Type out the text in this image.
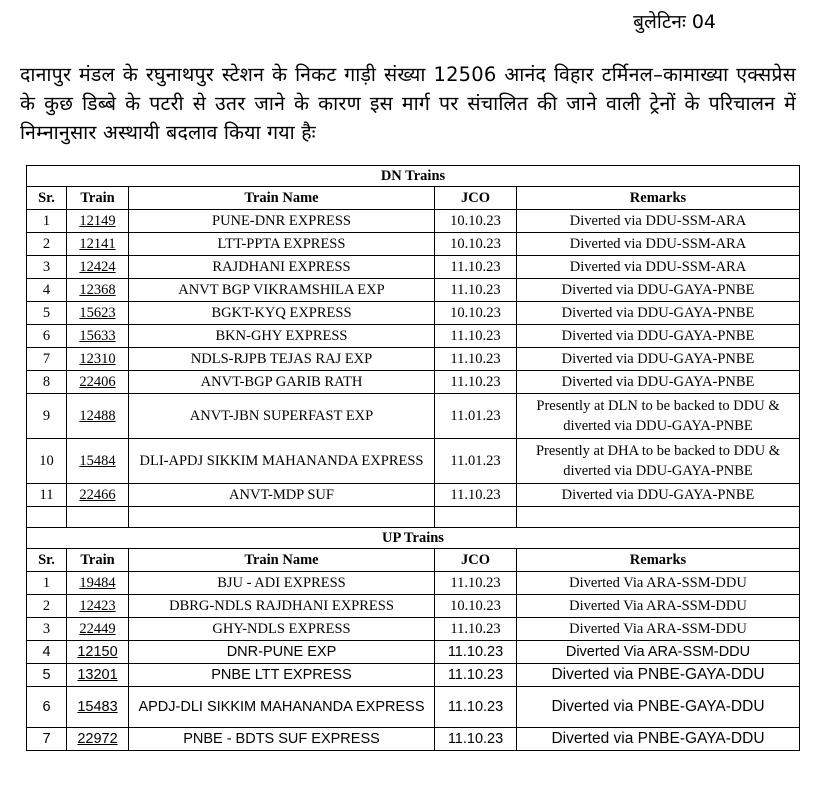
बुलेटिनः 04
दानापुर मंडल के रघुनाथपुर स्टेशन के निकट गाड़ी संख्या 12506 आनंद विहार टर्मिनल–कामाख्या एक्सप्रेस के कुछ डिब्बे के पटरी से उतर जाने के कारण इस मार्ग पर संचालित की जाने वाली ट्रेनों के परिचालन में निम्नानुसार अस्थायी बदलाव किया गया हैः
DN Trains				
Sr.	Train	Train Name	JCO	Remarks
1	12149	PUNE-DNR EXPRESS	10.10.23	Diverted via DDU-SSM-ARA
2	12141	LTT-PPTA EXPRESS	10.10.23	Diverted via DDU-SSM-ARA
3	12424	RAJDHANI EXPRESS	11.10.23	Diverted via DDU-SSM-ARA
4	12368	ANVT BGP VIKRAMSHILA EXP	11.10.23	Diverted via DDU-GAYA-PNBE
5	15623	BGKT-KYQ EXPRESS	10.10.23	Diverted via DDU-GAYA-PNBE
6	15633	BKN-GHY EXPRESS	11.10.23	Diverted via DDU-GAYA-PNBE
7	12310	NDLS-RJPB TEJAS RAJ EXP	11.10.23	Diverted via DDU-GAYA-PNBE
8	22406	ANVT-BGP GARIB RATH	11.10.23	Diverted via DDU-GAYA-PNBE
9	12488	ANVT-JBN SUPERFAST EXP	11.01.23	Presently at DLN to be backed to DDU & diverted via DDU-GAYA-PNBE
10	15484	DLI-APDJ SIKKIM MAHANANDA EXPRESS	11.01.23	Presently at DHA to be backed to DDU & diverted via DDU-GAYA-PNBE
11	22466	ANVT-MDP SUF	11.10.23	Diverted via DDU-GAYA-PNBE

UP Trains				
Sr.	Train	Train Name	JCO	Remarks
1	19484	BJU - ADI EXPRESS	11.10.23	Diverted Via ARA-SSM-DDU
2	12423	DBRG-NDLS RAJDHANI EXPRESS	10.10.23	Diverted Via ARA-SSM-DDU
3	22449	GHY-NDLS EXPRESS	11.10.23	Diverted Via ARA-SSM-DDU
4	12150	DNR-PUNE EXP	11.10.23	Diverted Via ARA-SSM-DDU
5	13201	PNBE LTT EXPRESS	11.10.23	Diverted via PNBE-GAYA-DDU
6	15483	APDJ-DLI SIKKIM MAHANANDA EXPRESS	11.10.23	Diverted via PNBE-GAYA-DDU
7	22972	PNBE - BDTS SUF EXPRESS	11.10.23	Diverted via PNBE-GAYA-DDU
